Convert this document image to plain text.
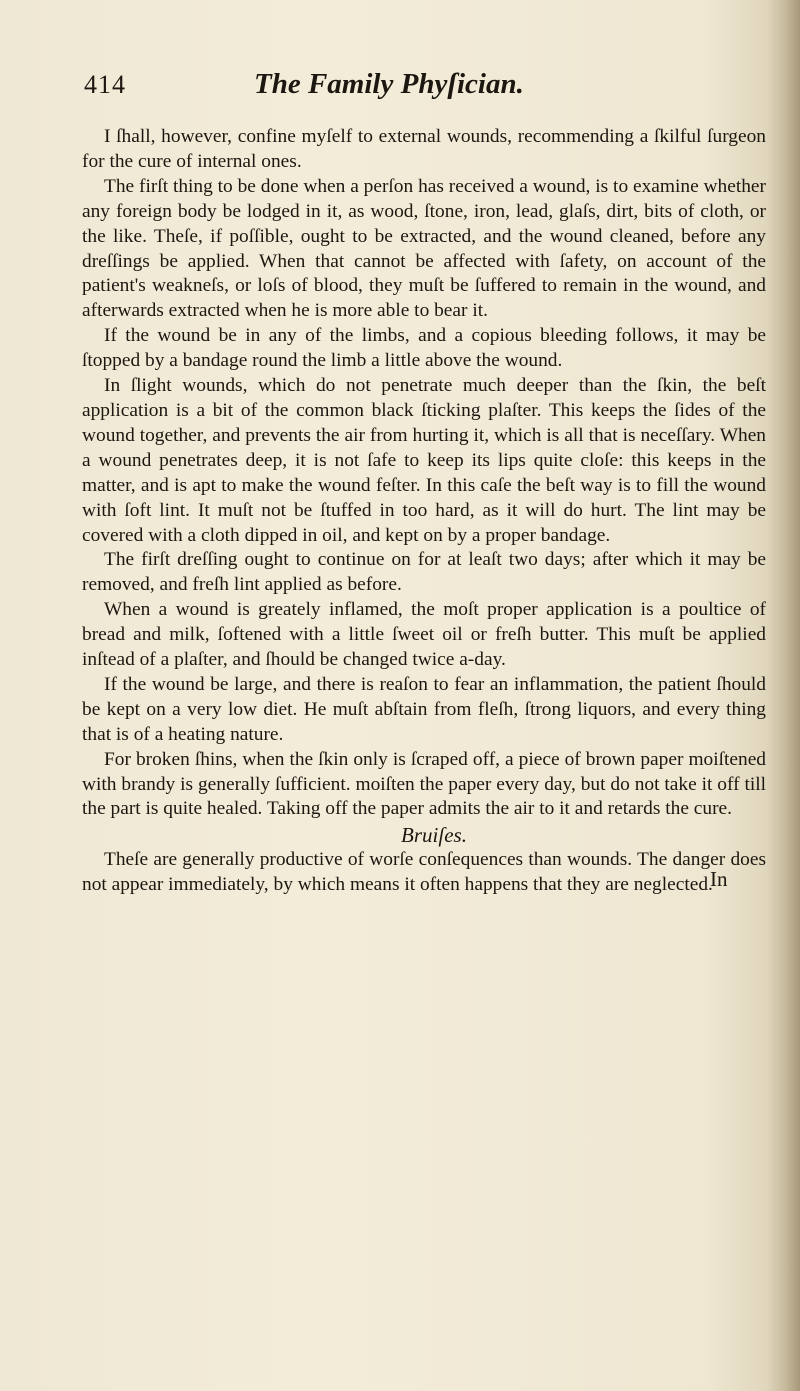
414	The Family Phyſician.

I ſhall, however, confine myſelf to external wounds, recommending a ſkilful ſurgeon for the cure of internal ones.

The firſt thing to be done when a perſon has received a wound, is to examine whether any foreign body be lodged in it, as wood, ſtone, iron, lead, glaſs, dirt, bits of cloth, or the like. Theſe, if poſſible, ought to be extracted, and the wound cleaned, before any dreſſings be applied. When that cannot be affected with ſafety, on account of the patient's weakneſs, or loſs of blood, they muſt be ſuffered to remain in the wound, and afterwards extracted when he is more able to bear it.

If the wound be in any of the limbs, and a copious bleeding follows, it may be ſtopped by a bandage round the limb a little above the wound.

In ſlight wounds, which do not penetrate much deeper than the ſkin, the beſt application is a bit of the common black ſticking plaſter. This keeps the ſides of the wound together, and prevents the air from hurting it, which is all that is neceſſary. When a wound penetrates deep, it is not ſafe to keep its lips quite cloſe: this keeps in the matter, and is apt to make the wound feſter. In this caſe the beſt way is to fill the wound with ſoft lint. It muſt not be ſtuffed in too hard, as it will do hurt. The lint may be covered with a cloth dipped in oil, and kept on by a proper bandage.

The firſt dreſſing ought to continue on for at leaſt two days; after which it may be removed, and freſh lint applied as before.

When a wound is greately inflamed, the moſt proper application is a poultice of bread and milk, ſoftened with a little ſweet oil or freſh butter. This muſt be applied inſtead of a plaſter, and ſhould be changed twice a-day.

If the wound be large, and there is reaſon to fear an inflammation, the patient ſhould be kept on a very low diet. He muſt abſtain from fleſh, ſtrong liquors, and every thing that is of a heating nature.

For broken ſhins, when the ſkin only is ſcraped off, a piece of brown paper moiſtened with brandy is generally ſufficient. moiſten the paper every day, but do not take it off till the part is quite healed. Taking off the paper admits the air to it and retards the cure.

Bruiſes.

Theſe are generally productive of worſe conſequences than wounds. The danger does not appear immediately, by which means it often happens that they are neglected.

In
